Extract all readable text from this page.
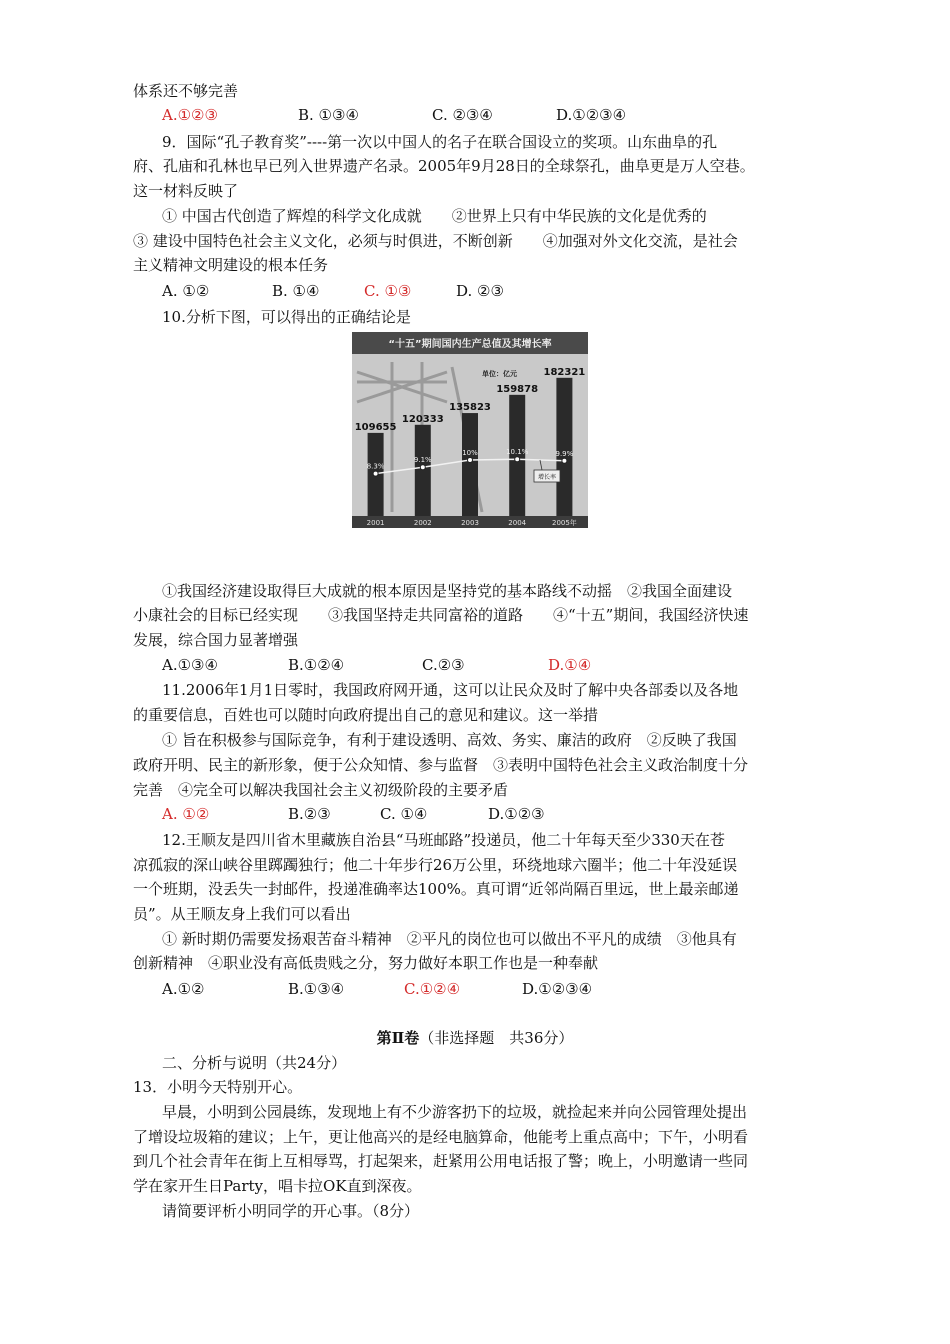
体系还不够完善
A.①②③	B. ①③④	C. ②③④	D.①②③④
9．国际“孔子教育奖”----第一次以中国人的名子在联合国设立的奖项。山东曲阜的孔
府、孔庙和孔林也早已列入世界遗产名录。2005年9月28日的全球祭孔，曲阜更是万人空巷。
这一材料反映了
① 中国古代创造了辉煌的科学文化成就　　②世界上只有中华民族的文化是优秀的
③ 建设中国特色社会主义文化，必须与时俱进，不断创新　　④加强对外文化交流，是社会
主义精神文明建设的根本任务
A. ①②	B. ①④	C. ①③	D. ②③
10.分析下图，可以得出的正确结论是
“十五”期间国内生产总值及其增长率
单位：亿元
109655
120333
135823
159878
182321
8.3%
9.1%
10%	10.1%	9.9%
增长率
2001	2002	2003	2004	2005年
①我国经济建设取得巨大成就的根本原因是坚持党的基本路线不动摇　②我国全面建设
小康社会的目标已经实现　　③我国坚持走共同富裕的道路　　④“十五”期间，我国经济快速
发展，综合国力显著增强
A.①③④	B.①②④	C.②③	D.①④
11.2006年1月1日零时，我国政府网开通，这可以让民众及时了解中央各部委以及各地
的重要信息，百姓也可以随时向政府提出自己的意见和建议。这一举措
① 旨在积极参与国际竞争，有利于建设透明、高效、务实、廉洁的政府　②反映了我国
政府开明、民主的新形象，便于公众知情、参与监督　③表明中国特色社会主义政治制度十分
完善　④完全可以解决我国社会主义初级阶段的主要矛盾
A. ①②	B.②③	C. ①④	D.①②③
12.王顺友是四川省木里藏族自治县“马班邮路”投递员，他二十年每天至少330天在苍
凉孤寂的深山峡谷里踯躅独行；他二十年步行26万公里，环绕地球六圈半；他二十年没延误
一个班期，没丢失一封邮件，投递准确率达100%。真可谓“近邻尚隔百里远，世上最亲邮递
员”。从王顺友身上我们可以看出
① 新时期仍需要发扬艰苦奋斗精神　②平凡的岗位也可以做出不平凡的成绩　③他具有
创新精神　④职业没有高低贵贱之分，努力做好本职工作也是一种奉献
A.①②	B.①③④	C.①②④	D.①②③④
第Ⅱ卷（非选择题　共36分）
二、分析与说明（共24分）
13．小明今天特别开心。
早晨，小明到公园晨练，发现地上有不少游客扔下的垃圾，就捡起来并向公园管理处提出
了增设垃圾箱的建议；上午，更让他高兴的是经电脑算命，他能考上重点高中；下午，小明看
到几个社会青年在街上互相辱骂，打起架来，赶紧用公用电话报了警；晚上，小明邀请一些同
学在家开生日Party，唱卡拉OK直到深夜。
请简要评析小明同学的开心事。（8分）
